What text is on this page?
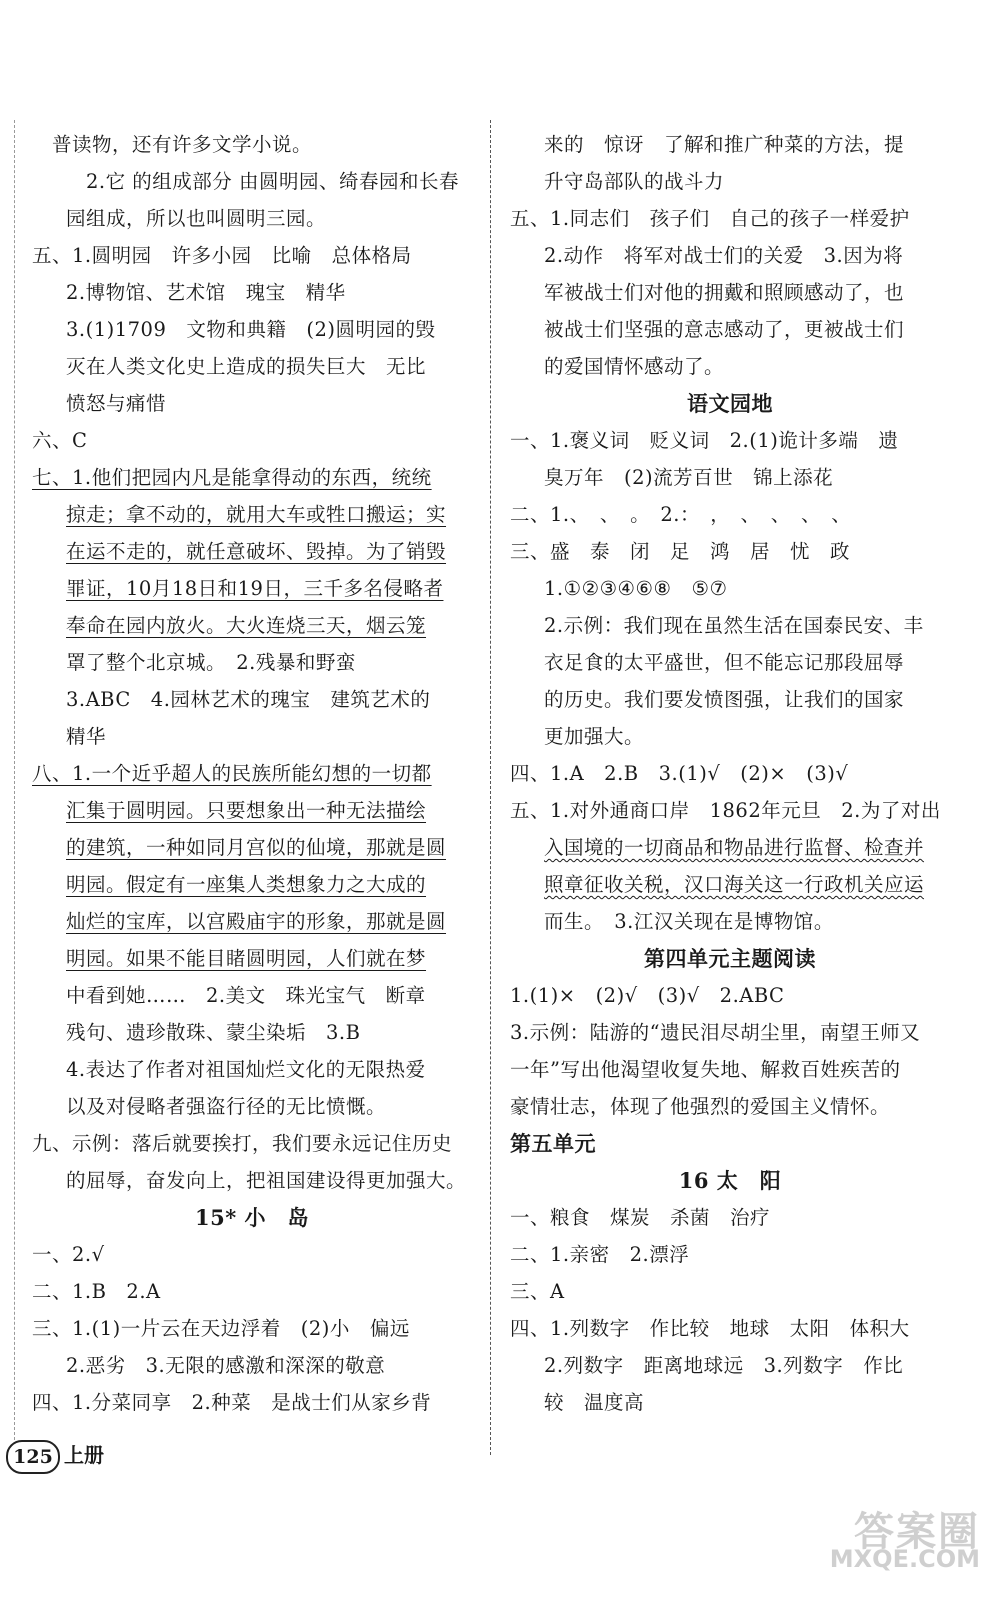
　普读物，还有许多文学小说。
　2.它 的组成部分 由圆明园、绮春园和长春
园组成，所以也叫圆明三园。
五、1.圆明园　许多小园　比喻　总体格局
2.博物馆、艺术馆　瑰宝　精华
3.(1)1709　文物和典籍　(2)圆明园的毁
灭在人类文化史上造成的损失巨大　无比
愤怒与痛惜
六、C
七、1.他们把园内凡是能拿得动的东西，统统
掠走；拿不动的，就用大车或牲口搬运；实
在运不走的，就任意破坏、毁掉。为了销毁
罪证，10月18日和19日，三千多名侵略者
奉命在园内放火。大火连烧三天，烟云笼
罩了整个北京城。　2.残暴和野蛮
3.ABC　4.园林艺术的瑰宝　建筑艺术的
精华
八、1.一个近乎超人的民族所能幻想的一切都
汇集于圆明园。只要想象出一种无法描绘
的建筑，一种如同月宫似的仙境，那就是圆
明园。假定有一座集人类想象力之大成的
灿烂的宝库，以宫殿庙宇的形象，那就是圆
明园。如果不能目睹圆明园，人们就在梦
中看到她……　2.美文　珠光宝气　断章
残句、遗珍散珠、蒙尘染垢　3.B
4.表达了作者对祖国灿烂文化的无限热爱
以及对侵略者强盗行径的无比愤慨。
九、示例：落后就要挨打，我们要永远记住历史
的屈辱，奋发向上，把祖国建设得更加强大。
15* 小　岛
一、2.√
二、1.B　2.A
三、1.(1)一片云在天边浮着　(2)小　偏远
2.恶劣　3.无限的感激和深深的敬意
四、1.分菜同享　2.种菜　是战士们从家乡背
来的　惊讶　了解和推广种菜的方法，提
升守岛部队的战斗力
五、1.同志们　孩子们　自己的孩子一样爱护
2.动作　将军对战士们的关爱　3.因为将
军被战士们对他的拥戴和照顾感动了，也
被战士们坚强的意志感动了，更被战士们
的爱国情怀感动了。
语文园地
一、1.褒义词　贬义词　2.(1)诡计多端　遗
臭万年　(2)流芳百世　锦上添花
二、1.、　、　。　2.：　，　、　、　、　、
三、盛　泰　闭　足　鸿　居　忧　政
1.①②③④⑥⑧　⑤⑦
2.示例：我们现在虽然生活在国泰民安、丰
衣足食的太平盛世，但不能忘记那段屈辱
的历史。我们要发愤图强，让我们的国家
更加强大。
四、1.A　2.B　3.(1)√　(2)×　(3)√
五、1.对外通商口岸　1862年元旦　2.为了对出
入国境的一切商品和物品进行监督、检查并
照章征收关税，汉口海关这一行政机关应运
而生。　3.江汉关现在是博物馆。
第四单元主题阅读
1.(1)×　(2)√　(3)√　2.ABC
3.示例：陆游的“遗民泪尽胡尘里，南望王师又
一年”写出他渴望收复失地、解救百姓疾苦的
豪情壮志，体现了他强烈的爱国主义情怀。
第五单元
16 太　阳
一、粮食　煤炭　杀菌　治疗
二、1.亲密　2.漂浮
三、A
四、1.列数字　作比较　地球　太阳　体积大
2.列数字　距离地球远　3.列数字　作比
较　温度高
125 上册
答案圈
MXQE.COM
